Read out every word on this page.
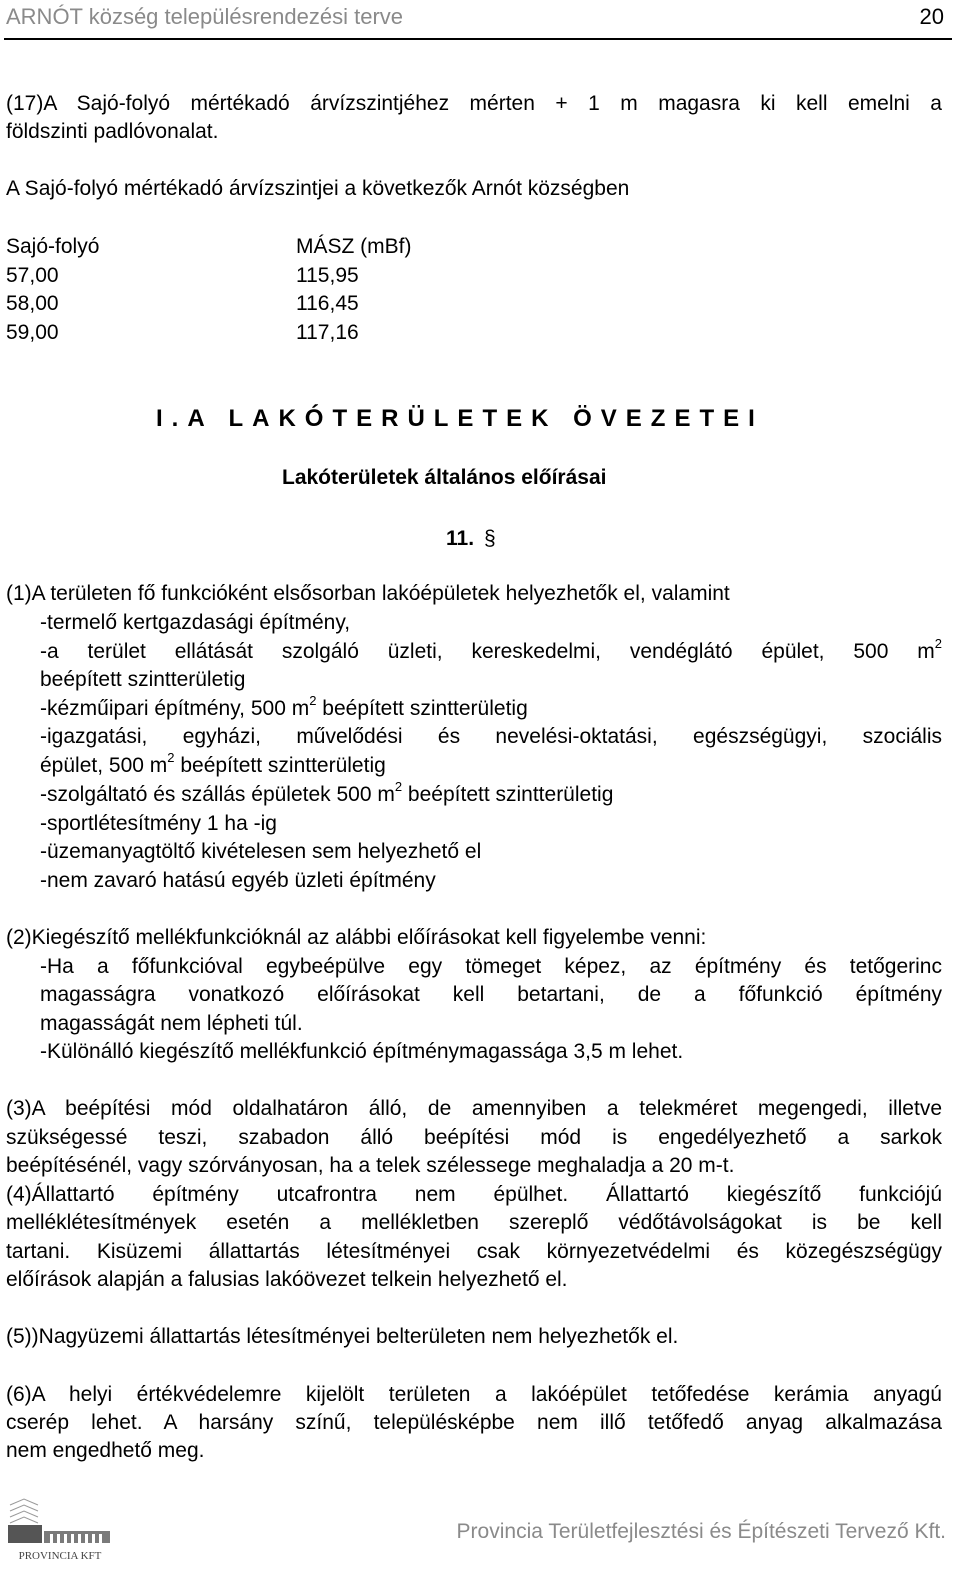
ARNÓT község településrendezési terve	20
(17)A Sajó-folyó mértékadó árvízszintjéhez mérten + 1 m magasra ki kell emelni a
földszinti padlóvonalat.
A Sajó-folyó mértékadó árvízszintjei a következők Arnót községben
Sajó-folyó	MÁSZ (mBf)
57,00	115,95
58,00	116,45
59,00	117,16
I.A LAKÓTERÜLETEK ÖVEZETEI
Lakóterületek általános előírásai
11. §
(1)A területen fő funkcióként elsősorban lakóépületek helyezhetők el, valamint
-termelő kertgazdasági építmény,
-a terület ellátását szolgáló üzleti, kereskedelmi, vendéglátó épület, 500 $m^2$
beépített szintterületig
-kézműipari építmény, 500 $m^2$ beépített szintterületig
-igazgatási, egyházi, művelődési és nevelési-oktatási, egészségügyi, szociális
épület, 500 $m^2$ beépített szintterületig
-szolgáltató és szállás épületek 500 $m^2$ beépített szintterületig
-sportlétesítmény 1 ha -ig
-üzemanyagtöltő kivételesen sem helyezhető el
-nem zavaró hatású egyéb üzleti építmény
(2)Kiegészítő mellékfunkcióknál az alábbi előírásokat kell figyelembe venni:
-Ha a főfunkcióval egybeépülve egy tömeget képez, az építmény és tetőgerinc
magasságra vonatkozó előírásokat kell betartani, de a főfunkció építmény
magasságát nem lépheti túl.
-Különálló kiegészítő mellékfunkció építménymagassága 3,5 m lehet.
(3)A beépítési mód oldalhatáron álló, de amennyiben a telekméret megengedi, illetve
szükségessé teszi, szabadon álló beépítési mód is engedélyezhető a sarkok
beépítésénél, vagy szórványosan, ha a telek szélessege meghaladja a 20 m-t.
(4)Állattartó építmény utcafrontra nem épülhet. Állattartó kiegészítő funkciójú
melléklétesítmények esetén a mellékletben szereplő védőtávolságokat is be kell
tartani. Kisüzemi állattartás létesítményei csak környezetvédelmi és közegészségügy
előírások alapján a falusias lakóövezet telkein helyezhető el.
(5))Nagyüzemi állattartás létesítményei belterületen nem helyezhetők el.
(6)A helyi értékvédelemre kijelölt területen a lakóépület tetőfedése kerámia anyagú
cserép lehet. A harsány színű, településképbe nem illő tetőfedő anyag alkalmazása
nem engedhető meg.
PROVINCIA KFT
Provincia Területfejlesztési és Építészeti Tervező Kft.
